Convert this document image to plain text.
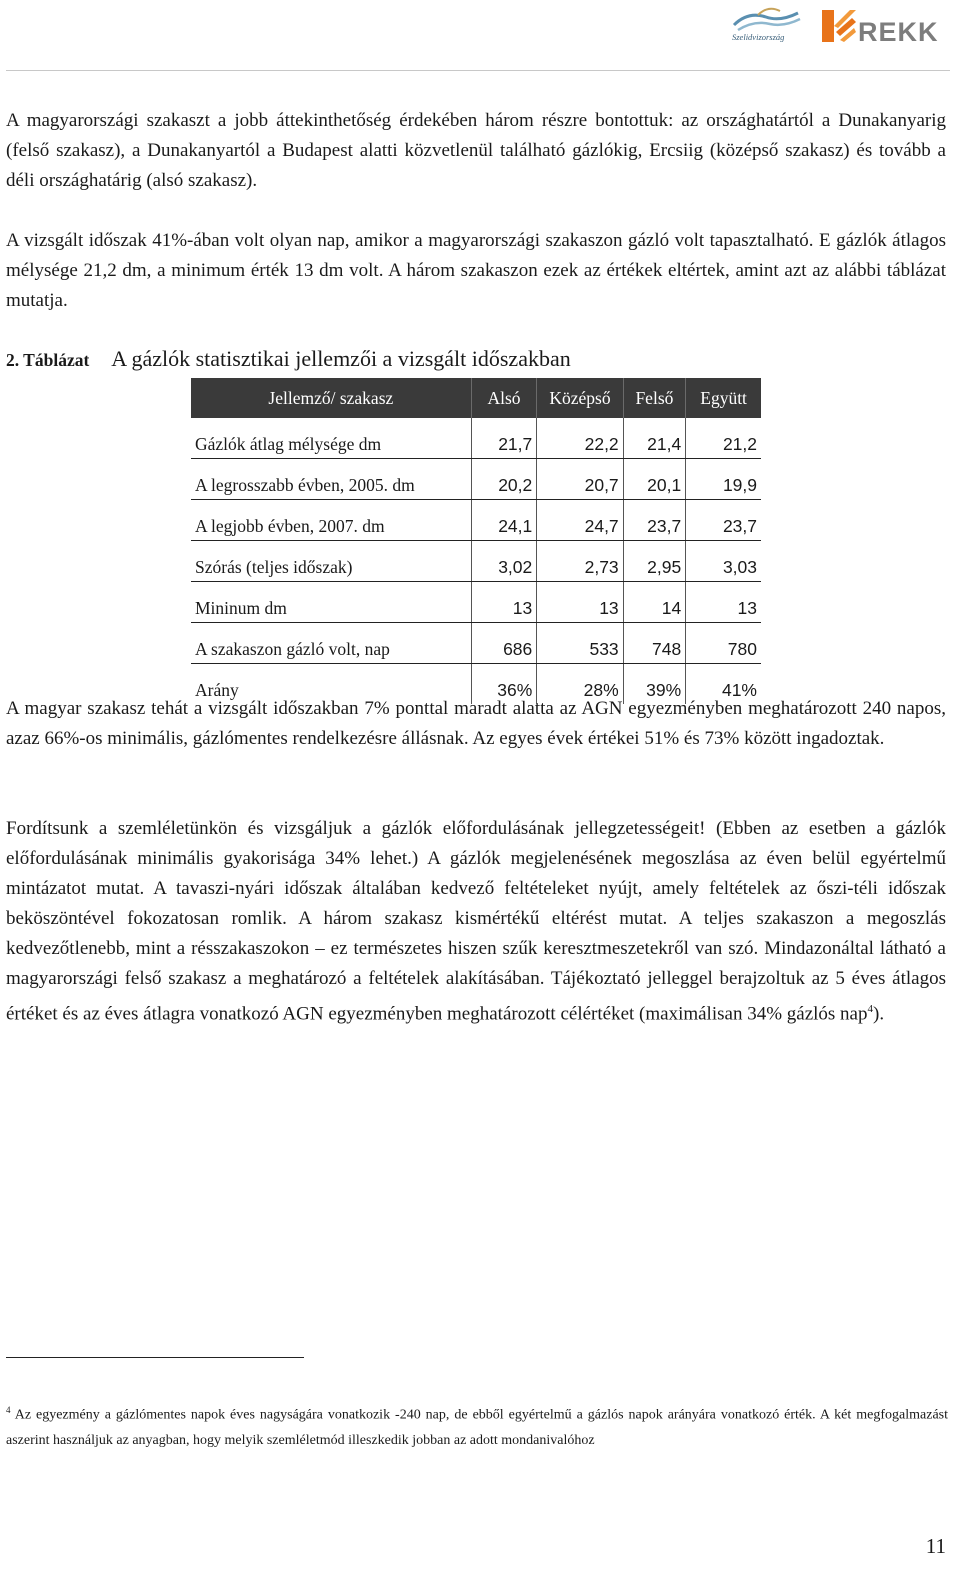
Szelidvizország	REKK

A magyarországi szakaszt a jobb áttekinthetőség érdekében három részre bontottuk: az országhatártól a Dunakanyarig (felső szakasz), a Dunakanyartól a Budapest alatti közvetlenül található gázlókig, Ercsiig (középső szakasz) és tovább a déli országhatárig (alsó szakasz).

A vizsgált időszak 41%-ában volt olyan nap, amikor a magyarországi szakaszon gázló volt tapasztalható. E gázlók átlagos mélysége 21,2 dm, a minimum érték 13 dm volt. A három szakaszon ezek az értékek eltértek, amint azt az alábbi táblázat mutatja.

2. Táblázat A gázlók statisztikai jellemzői a vizsgált időszakban
Jellemző/ szakasz	Alsó	Középső	Felső	Együtt
Gázlók átlag mélysége dm	21,7	22,2	21,4	21,2
A legrosszabb évben, 2005. dm	20,2	20,7	20,1	19,9
A legjobb évben, 2007. dm	24,1	24,7	23,7	23,7
Szórás (teljes időszak)	3,02	2,73	2,95	3,03
Mininum dm	13	13	14	13
A szakaszon gázló volt, nap	686	533	748	780
Arány	36%	28%	39%	41%

A magyar szakasz tehát a vizsgált időszakban 7% ponttal maradt alatta az AGN egyezményben meghatározott 240 napos, azaz 66%-os minimális, gázlómentes rendelkezésre állásnak. Az egyes évek értékei 51% és 73% között ingadoztak.

Fordítsunk a szemléletünkön és vizsgáljuk a gázlók előfordulásának jellegzetességeit! (Ebben az esetben a gázlók előfordulásának minimális gyakorisága 34% lehet.) A gázlók megjelenésének megoszlása az éven belül egyértelmű mintázatot mutat. A tavaszi-nyári időszak általában kedvező feltételeket nyújt, amely feltételek az őszi-téli időszak beköszöntével fokozatosan romlik. A három szakasz kismértékű eltérést mutat. A teljes szakaszon a megoszlás kedvezőtlenebb, mint a résszakaszokon – ez természetes hiszen szűk keresztmeszetekről van szó. Mindazonáltal látható a magyarországi felső szakasz a meghatározó a feltételek alakításában. Tájékoztató jelleggel berajzoltuk az 5 éves átlagos értéket és az éves átlagra vonatkozó AGN egyezményben meghatározott célértéket (maximálisan 34% gázlós nap$^4$).

$^4$ Az egyezmény a gázlómentes napok éves nagyságára vonatkozik -240 nap, de ebből egyértelmű a gázlós napok arányára vonatkozó érték. A két megfogalmazást aszerint használjuk az anyagban, hogy melyik szemléletmód illeszkedik jobban az adott mondanivalóhoz
11
